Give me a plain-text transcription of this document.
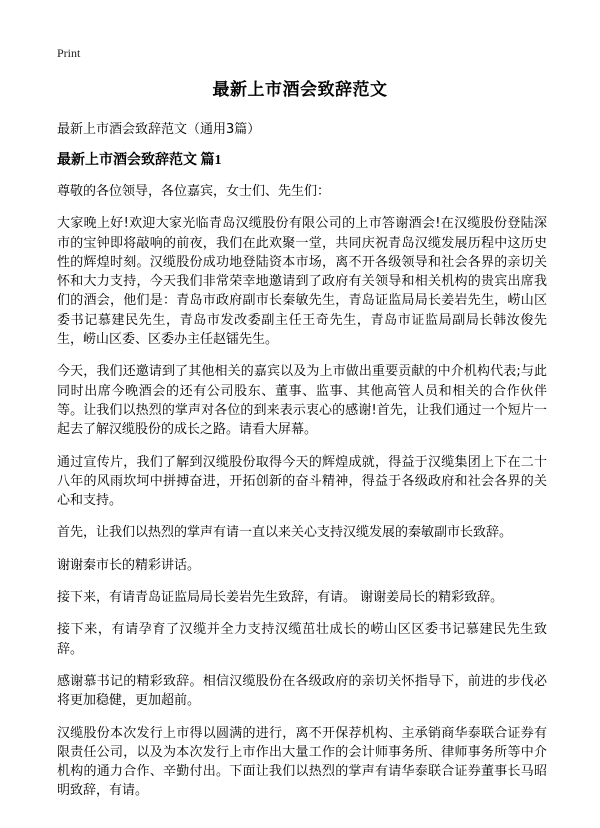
Print
最新上市酒会致辞范文
最新上市酒会致辞范文（通用3篇）
最新上市酒会致辞范文 篇1

尊敬的各位领导，各位嘉宾，女士们、先生们：

大家晚上好!欢迎大家光临青岛汉缆股份有限公司的上市答谢酒会!在汉缆股份登陆深市的宝钟即将敲响的前夜，我们在此欢聚一堂，共同庆祝青岛汉缆发展历程中这历史性的辉煌时刻。汉缆股份成功地登陆资本市场，离不开各级领导和社会各界的亲切关怀和大力支持，今天我们非常荣幸地邀请到了政府有关领导和相关机构的贵宾出席我们的酒会，他们是：青岛市政府副市长秦敏先生，青岛证监局局长姜岩先生，崂山区委书记慕建民先生，青岛市发改委副主任王奇先生，青岛市证监局副局长韩汝俊先生，崂山区委、区委办主任赵镭先生。

今天，我们还邀请到了其他相关的嘉宾以及为上市做出重要贡献的中介机构代表;与此同时出席今晚酒会的还有公司股东、董事、监事、其他高管人员和相关的合作伙伴等。让我们以热烈的掌声对各位的到来表示衷心的感谢!首先，让我们通过一个短片一起去了解汉缆股份的成长之路。请看大屏幕。

通过宣传片，我们了解到汉缆股份取得今天的辉煌成就，得益于汉缆集团上下在二十八年的风雨坎坷中拼搏奋进，开拓创新的奋斗精神，得益于各级政府和社会各界的关心和支持。

首先，让我们以热烈的掌声有请一直以来关心支持汉缆发展的秦敏副市长致辞。

谢谢秦市长的精彩讲话。

接下来，有请青岛证监局局长姜岩先生致辞，有请。 谢谢姜局长的精彩致辞。

接下来，有请孕育了汉缆并全力支持汉缆茁壮成长的崂山区区委书记慕建民先生致辞。

感谢慕书记的精彩致辞。相信汉缆股份在各级政府的亲切关怀指导下，前进的步伐必将更加稳健，更加超前。

汉缆股份本次发行上市得以圆满的进行，离不开保荐机构、主承销商华泰联合证券有限责任公司，以及为本次发行上市作出大量工作的会计师事务所、律师事务所等中介机构的通力合作、辛勤付出。下面让我们以热烈的掌声有请华泰联合证券董事长马昭明致辞，有请。
